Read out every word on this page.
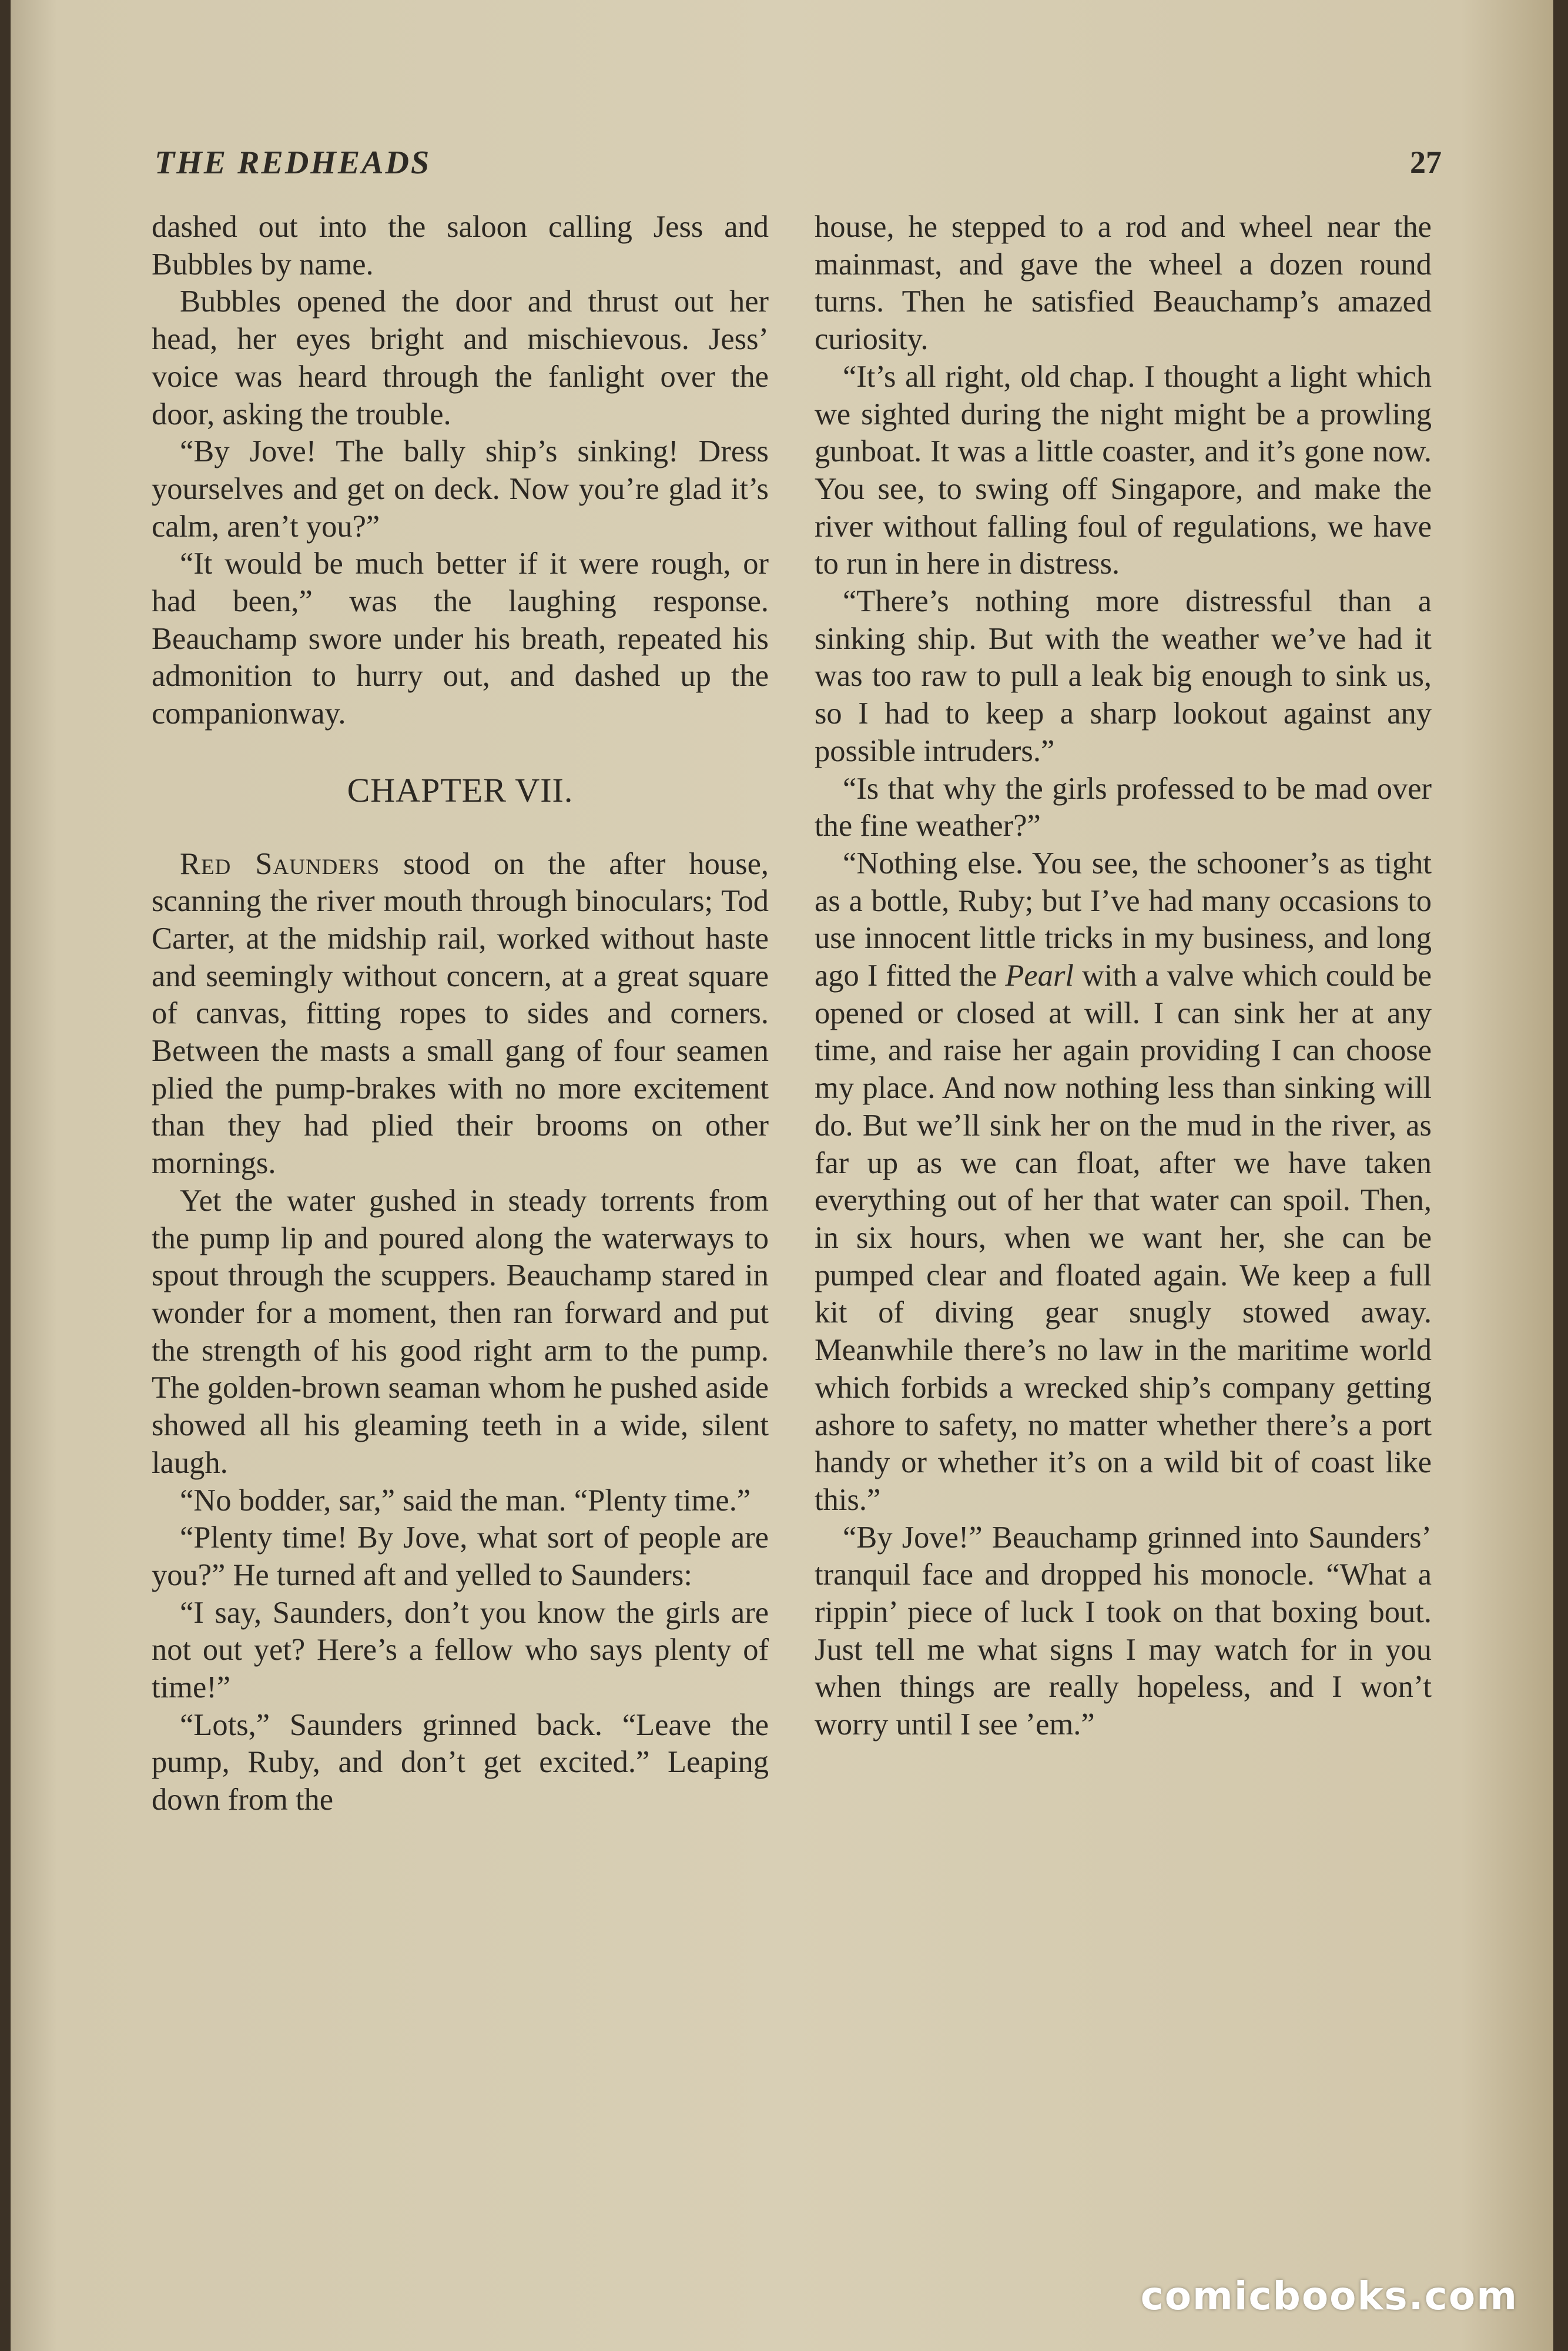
THE REDHEADS	27

dashed out into the saloon calling Jess and Bubbles by name.

Bubbles opened the door and thrust out her head, her eyes bright and mischievous. Jess’ voice was heard through the fanlight over the door, asking the trouble.

“By Jove! The bally ship’s sinking! Dress yourselves and get on deck. Now you’re glad it’s calm, aren’t you?”

“It would be much better if it were rough, or had been,” was the laughing response. Beauchamp swore under his breath, repeated his admonition to hurry out, and dashed up the companionway.

CHAPTER VII.

Red Saunders stood on the after house, scanning the river mouth through binoculars; Tod Carter, at the midship rail, worked without haste and seemingly without concern, at a great square of canvas, fitting ropes to sides and corners. Between the masts a small gang of four seamen plied the pump-brakes with no more excitement than they had plied their brooms on other mornings.

Yet the water gushed in steady torrents from the pump lip and poured along the waterways to spout through the scuppers. Beauchamp stared in wonder for a moment, then ran forward and put the strength of his good right arm to the pump. The golden-brown seaman whom he pushed aside showed all his gleaming teeth in a wide, silent laugh.

“No bodder, sar,” said the man. “Plenty time.”

“Plenty time! By Jove, what sort of people are you?” He turned aft and yelled to Saunders:

“I say, Saunders, don’t you know the girls are not out yet? Here’s a fellow who says plenty of time!”

“Lots,” Saunders grinned back. “Leave the pump, Ruby, and don’t get excited.” Leaping down from the

house, he stepped to a rod and wheel near the mainmast, and gave the wheel a dozen round turns. Then he satisfied Beauchamp’s amazed curiosity.

“It’s all right, old chap. I thought a light which we sighted during the night might be a prowling gunboat. It was a little coaster, and it’s gone now. You see, to swing off Singapore, and make the river without falling foul of regulations, we have to run in here in distress.

“There’s nothing more distressful than a sinking ship. But with the weather we’ve had it was too raw to pull a leak big enough to sink us, so I had to keep a sharp lookout against any possible intruders.”

“Is that why the girls professed to be mad over the fine weather?”

“Nothing else. You see, the schooner’s as tight as a bottle, Ruby; but I’ve had many occasions to use innocent little tricks in my business, and long ago I fitted the Pearl with a valve which could be opened or closed at will. I can sink her at any time, and raise her again providing I can choose my place. And now nothing less than sinking will do. But we’ll sink her on the mud in the river, as far up as we can float, after we have taken everything out of her that water can spoil. Then, in six hours, when we want her, she can be pumped clear and floated again. We keep a full kit of diving gear snugly stowed away. Meanwhile there’s no law in the maritime world which forbids a wrecked ship’s company getting ashore to safety, no matter whether there’s a port handy or whether it’s on a wild bit of coast like this.”

“By Jove!” Beauchamp grinned into Saunders’ tranquil face and dropped his monocle. “What a rippin’ piece of luck I took on that boxing bout. Just tell me what signs I may watch for in you when things are really hopeless, and I won’t worry until I see ’em.”

comicbooks.com
